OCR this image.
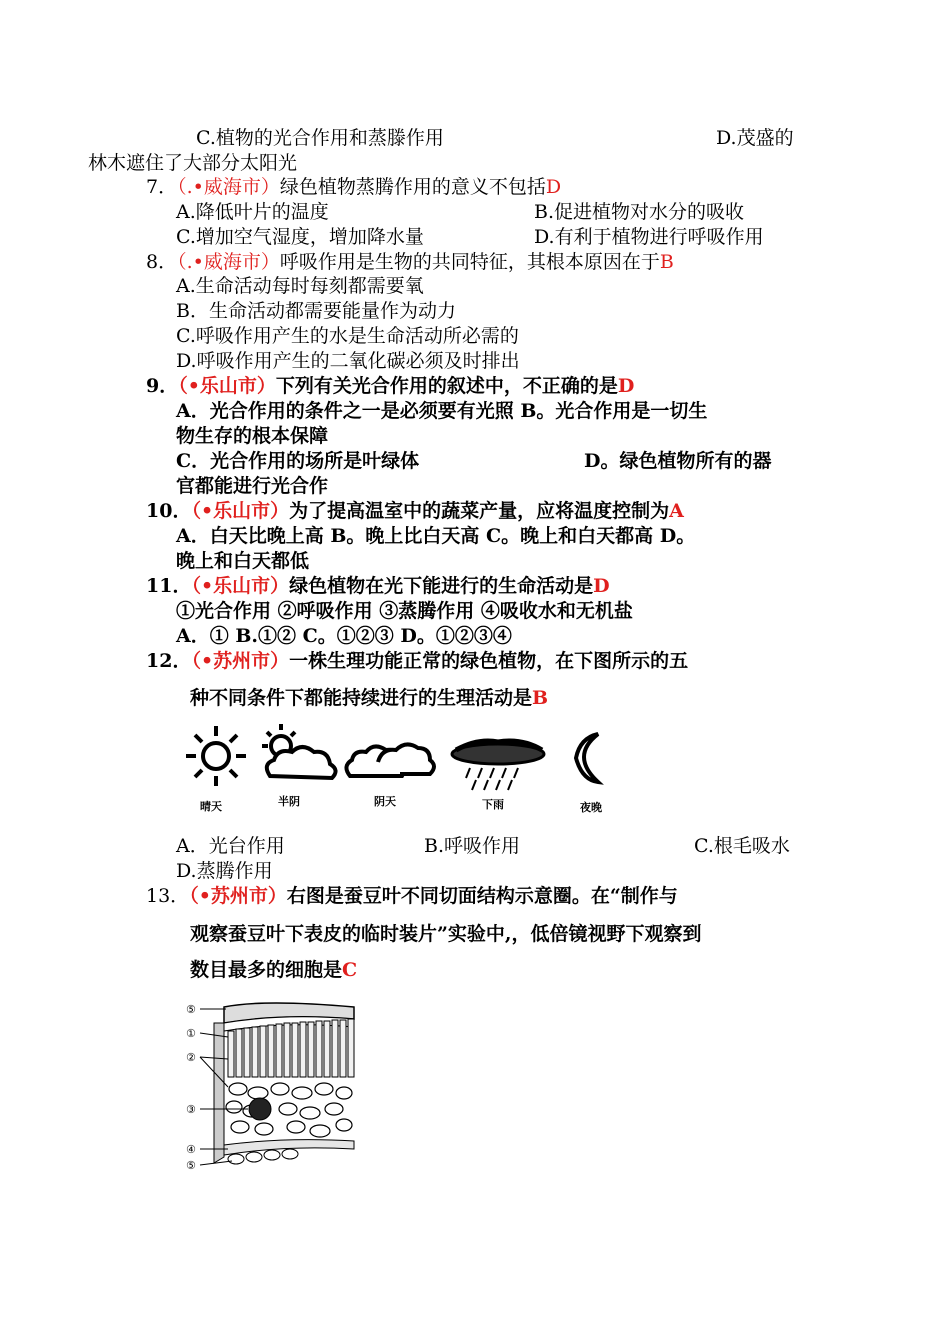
C.植物的光合作用和蒸滕作用	D.茂盛的
林木遮住了大部分太阳光
7．（.•威海市）绿色植物蒸腾作用的意义不包括D
A.降低叶片的温度	B.促进植物对水分的吸收
C.增加空气湿度，增加降水量	D.有利于植物进行呼吸作用
8．（.•威海市）呼吸作用是生物的共同特征，其根本原因在于B
A.生命活动每时每刻都需要氧
B．生命活动都需要能量作为动力
C.呼吸作用产生的水是生命活动所必需的
D.呼吸作用产生的二氧化碳必须及时排出
9．（•乐山市）下列有关光合作用的叙述中，不正确的是D
A．光合作用的条件之一是必须要有光照 B。光合作用是一切生
物生存的根本保障
C．光合作用的场所是叶绿体	D。绿色植物所有的器
官都能进行光合作
10．（•乐山市）为了提高温室中的蔬菜产量，应将温度控制为A
A．白天比晚上高 B。晚上比白天高 C。晚上和白天都高 D。
晚上和白天都低
11．（•乐山市）绿色植物在光下能进行的生命活动是D
①光合作用 ②呼吸作用 ③蒸腾作用 ④吸收水和无机盐
A．① B.①② C。①②③ D。①②③④
12．（•苏州市）一株生理功能正常的绿色植物，在下图所示的五
种不同条件下都能持续进行的生理活动是B
晴天	半阴	阴天	下雨	夜晚
A．光台作用	B.呼吸作用	C.根毛吸水
D.蒸腾作用
13．（•苏州市）右图是蚕豆叶不同切面结构示意圈。在“制作与
观察蚕豆叶下表皮的临时装片”实验中,，低倍镜视野下观察到
数目最多的细胞是C
⑤
①
②
③
④
⑤
